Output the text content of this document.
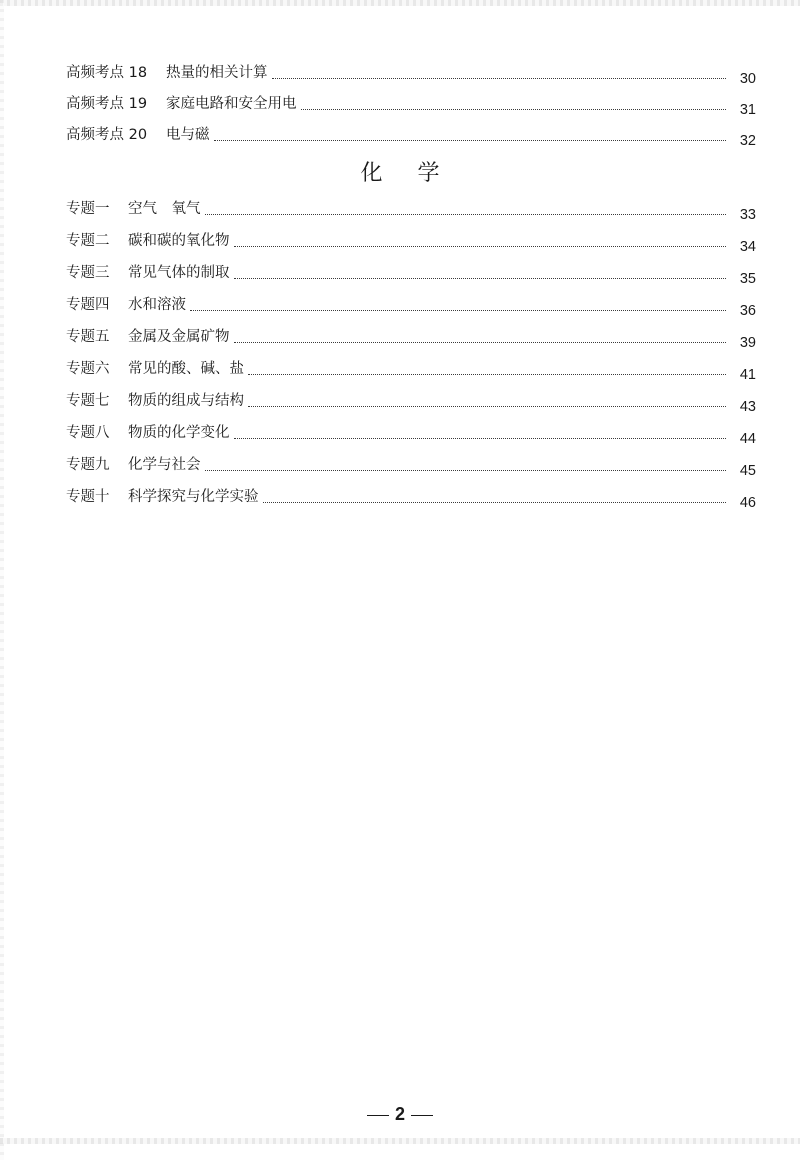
高频考点 18	热量的相关计算	30
高频考点 19	家庭电路和安全用电	31
高频考点 20	电与磁	32
化 学
专题一	空气　氧气	33
专题二	碳和碳的氧化物	34
专题三	常见气体的制取	35
专题四	水和溶液	36
专题五	金属及金属矿物	39
专题六	常见的酸、碱、盐	41
专题七	物质的组成与结构	43
专题八	物质的化学变化	44
专题九	化学与社会	45
专题十	科学探究与化学实验	46
2
